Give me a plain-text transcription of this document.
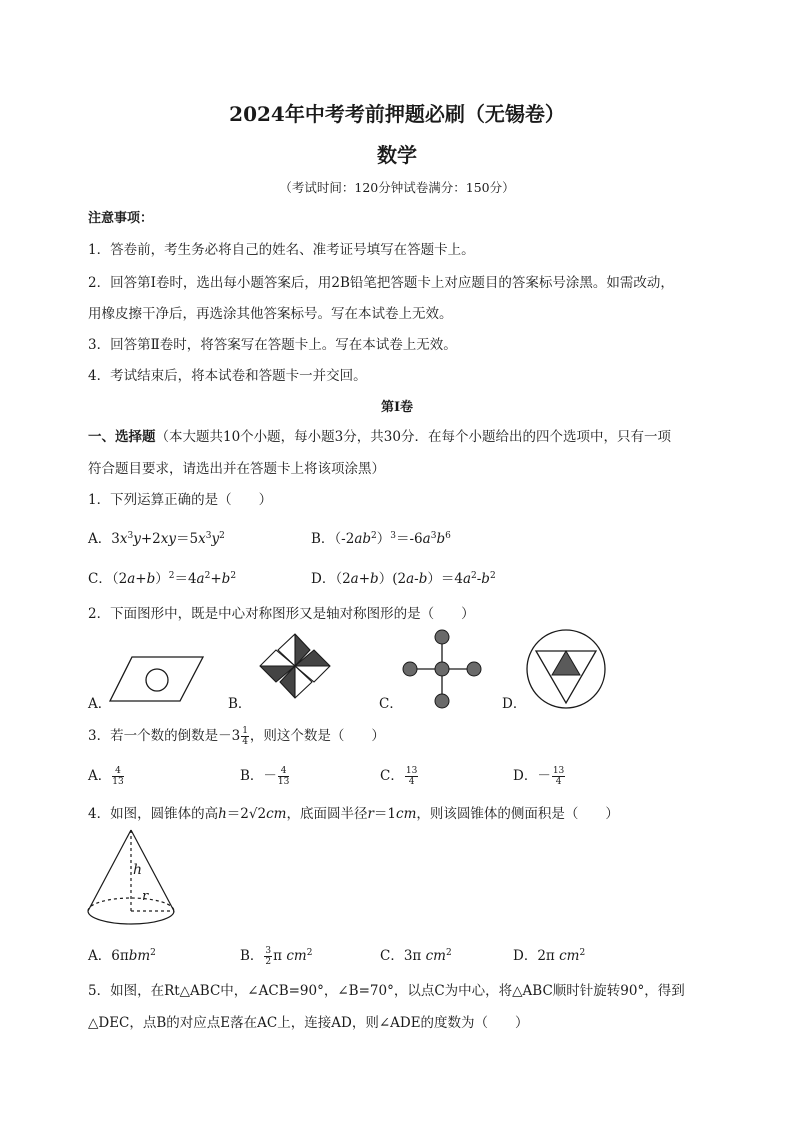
2024年中考考前押题必刷（无锡卷）
数学
（考试时间：120分钟试卷满分：150分）
注意事项：
1．答卷前，考生务必将自己的姓名、准考证号填写在答题卡上。
2．回答第Ⅰ卷时，选出每小题答案后，用2B铅笔把答题卡上对应题目的答案标号涂黑。如需改动，
用橡皮擦干净后，再选涂其他答案标号。写在本试卷上无效。
3．回答第Ⅱ卷时，将答案写在答题卡上。写在本试卷上无效。
4．考试结束后，将本试卷和答题卡一并交回。
第Ⅰ卷
一、选择题（本大题共10个小题，每小题3分，共30分．在每个小题给出的四个选项中，只有一项
符合题目要求，请选出并在答题卡上将该项涂黑）
1．下列运算正确的是（　　）
A．$3x^3y+2xy=5x^3y^2$	B．$(-2ab^2)^3=-6a^3b^6$
C．$(2a+b)^2=4a^2+b^2$	D．$(2a+b)(2a-b)=4a^2-b^2$
2．下面图形中，既是中心对称图形又是轴对称图形的是（　　）
A．	B．	C．	D．
3．若一个数的倒数是$-3 \frac{1}{4}$ ，则这个数是（　　）
A． $\frac{4}{13}$	B．－ $\frac{4}{13}$	C． $\frac{13}{4}$	D．－ $\frac{13}{4}$
4．如图，圆锥体的高h＝2√2cm，底面圆半径r＝1cm，则该圆锥体的侧面积是（　　）
h
r
A．6πbm$^2$	B． $\frac{3}{2}$ π $cm^2$	C．3π $cm^2$	D．2π $cm^2$
5．如图，在Rt△ABC中，∠ACB=90°，∠B=70°，以点C为中心，将△ABC顺时针旋转90°，得到
△DEC，点B的对应点E落在AC上，连接AD，则∠ADE的度数为（　　）
